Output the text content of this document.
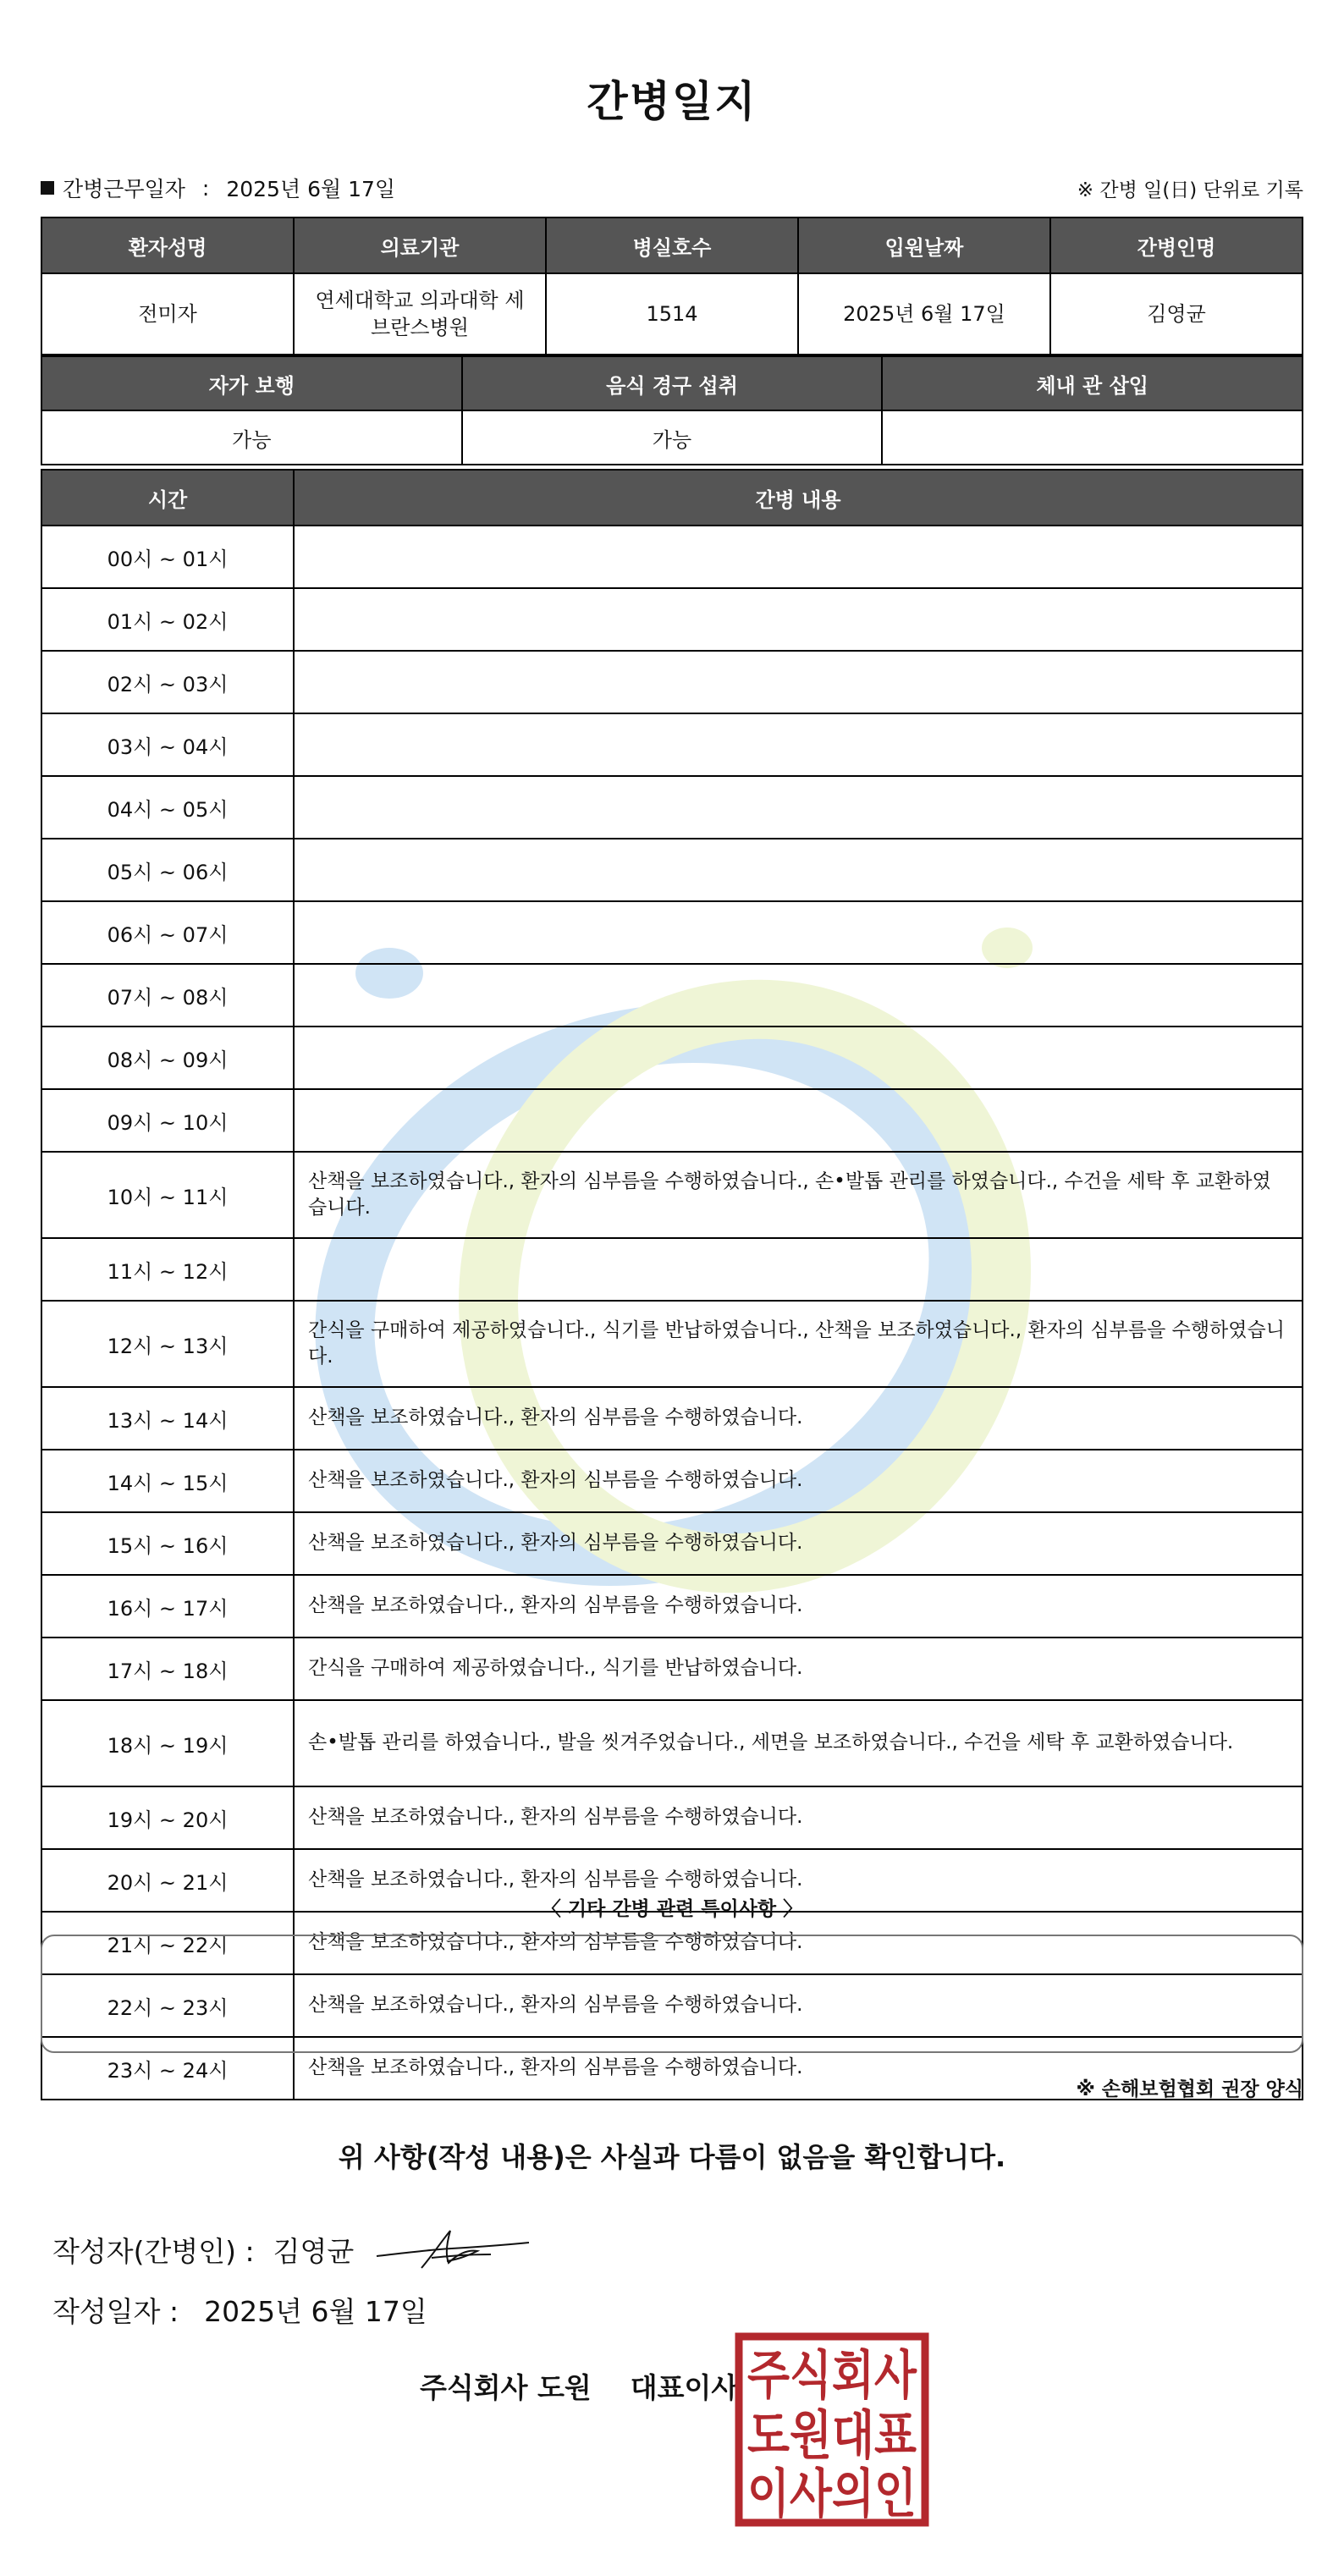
간병일지
간병근무일자 : 2025년 6월 17일	※ 간병 일(日) 단위로 기록
환자성명	의료기관	병실호수	입원날짜	간병인명
전미자	연세대학교 의과대학 세브란스병원	1514	2025년 6월 17일	김영균
자가 보행	음식 경구 섭취	체내 관 삽입
가능	가능	
시간	간병 내용
00시 ~ 01시	
01시 ~ 02시	
02시 ~ 03시	
03시 ~ 04시	
04시 ~ 05시	
05시 ~ 06시	
06시 ~ 07시	
07시 ~ 08시	
08시 ~ 09시	
09시 ~ 10시	
10시 ~ 11시	산책을 보조하였습니다., 환자의 심부름을 수행하였습니다., 손•발톱 관리를 하였습니다., 수건을 세탁 후 교환하였습니다.
11시 ~ 12시	
12시 ~ 13시	간식을 구매하여 제공하였습니다., 식기를 반납하였습니다., 산책을 보조하였습니다., 환자의 심부름을 수행하였습니다.
13시 ~ 14시	산책을 보조하였습니다., 환자의 심부름을 수행하였습니다.
14시 ~ 15시	산책을 보조하였습니다., 환자의 심부름을 수행하였습니다.
15시 ~ 16시	산책을 보조하였습니다., 환자의 심부름을 수행하였습니다.
16시 ~ 17시	산책을 보조하였습니다., 환자의 심부름을 수행하였습니다.
17시 ~ 18시	간식을 구매하여 제공하였습니다., 식기를 반납하였습니다.
18시 ~ 19시	손•발톱 관리를 하였습니다., 발을 씻겨주었습니다., 세면을 보조하였습니다., 수건을 세탁 후 교환하였습니다.
19시 ~ 20시	산책을 보조하였습니다., 환자의 심부름을 수행하였습니다.
20시 ~ 21시	산책을 보조하였습니다., 환자의 심부름을 수행하였습니다.
21시 ~ 22시	산책을 보조하였습니다., 환자의 심부름을 수행하였습니다.
22시 ~ 23시	산책을 보조하였습니다., 환자의 심부름을 수행하였습니다.
23시 ~ 24시	산책을 보조하였습니다., 환자의 심부름을 수행하였습니다.
〈 기타 간병 관련 특이사항 〉
※ 손해보험협회 권장 양식
위 사항(작성 내용)은 사실과 다름이 없음을 확인합니다.
작성자(간병인) : 김영균
작성일자 : 2025년 6월 17일
주식회사 도원 대표이사 주식회사
도원대표
이사의인
